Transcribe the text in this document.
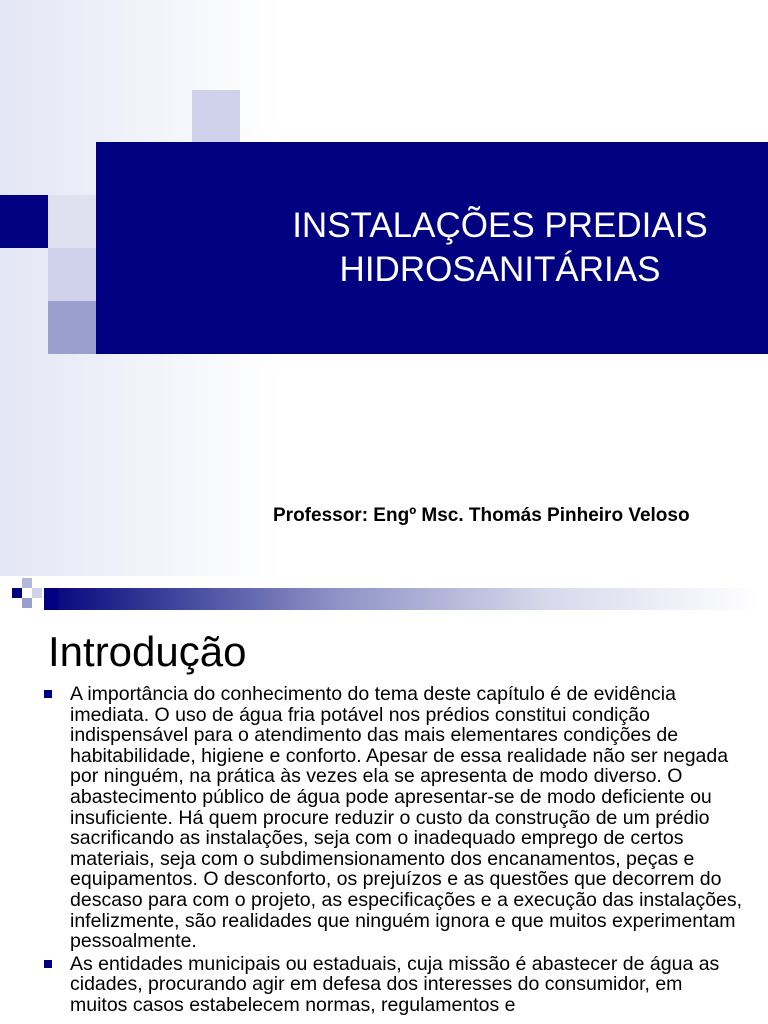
INSTALAÇÕES PREDIAIS
HIDROSANITÁRIAS
Professor: Engº Msc. Thomás Pinheiro Veloso
Introdução
A importância do conhecimento do tema deste capítulo é de evidência imediata. O uso de água fria potável nos prédios constitui condição indispensável para o atendimento das mais elementares condições de habitabilidade, higiene e conforto. Apesar de essa realidade não ser negada por ninguém, na prática às vezes ela se apresenta de modo diverso. O abastecimento público de água pode apresentar-se de modo deficiente ou insuficiente. Há quem procure reduzir o custo da construção de um prédio sacrificando as instalações, seja com o inadequado emprego de certos materiais, seja com o subdimensionamento dos encanamentos, peças e equipamentos. O desconforto, os prejuízos e as questões que decorrem do descaso para com o projeto, as especificações e a execução das instalações, infelizmente, são realidades que ninguém ignora e que muitos experimentam pessoalmente.
As entidades municipais ou estaduais, cuja missão é abastecer de água as cidades, procurando agir em defesa dos interesses do consumidor, em muitos casos estabelecem normas, regulamentos e
